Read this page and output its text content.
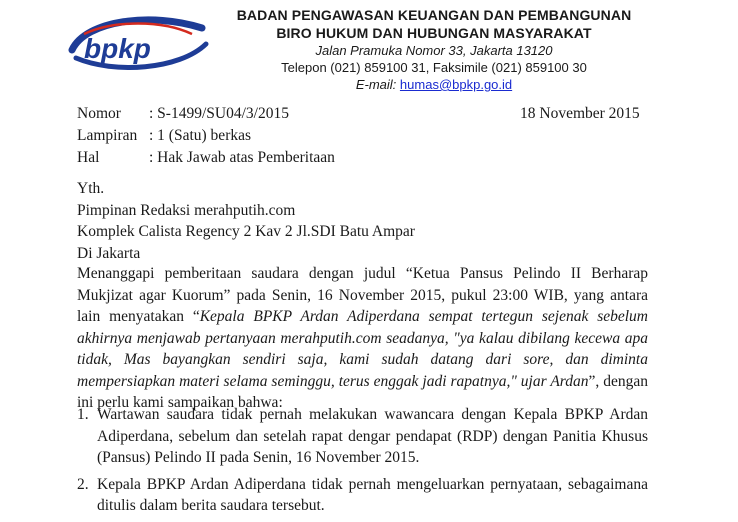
bpkp
BADAN PENGAWASAN KEUANGAN DAN PEMBANGUNAN
BIRO HUKUM DAN HUBUNGAN MASYARAKAT
Jalan Pramuka Nomor 33, Jakarta 13120
Telepon (021) 859100 31, Faksimile (021) 859100 30
E-mail: humas@bpkp.go.id
Nomor	: S-1499/SU04/3/2015
Lampiran : 1 (Satu) berkas
Hal	: Hak Jawab atas Pemberitaan
18 November 2015
Yth.
Pimpinan Redaksi merahputih.com
Komplek Calista Regency 2 Kav 2 Jl.SDI Batu Ampar
Di Jakarta
Menanggapi pemberitaan saudara dengan judul “Ketua Pansus Pelindo II Berharap Mukjizat agar Kuorum” pada Senin, 16 November 2015, pukul 23:00 WIB, yang antara lain menyatakan “Kepala BPKP Ardan Adiperdana sempat tertegun sejenak sebelum akhirnya menjawab pertanyaan merahputih.com seadanya, "ya kalau dibilang kecewa apa tidak, Mas bayangkan sendiri saja, kami sudah datang dari sore, dan diminta mempersiapkan materi selama seminggu, terus enggak jadi rapatnya," ujar Ardan”, dengan ini perlu kami sampaikan bahwa:
1. Wartawan saudara tidak pernah melakukan wawancara dengan Kepala BPKP Ardan Adiperdana, sebelum dan setelah rapat dengar pendapat (RDP) dengan Panitia Khusus (Pansus) Pelindo II pada Senin, 16 November 2015.
2. Kepala BPKP Ardan Adiperdana tidak pernah mengeluarkan pernyataan, sebagaimana ditulis dalam berita saudara tersebut.
